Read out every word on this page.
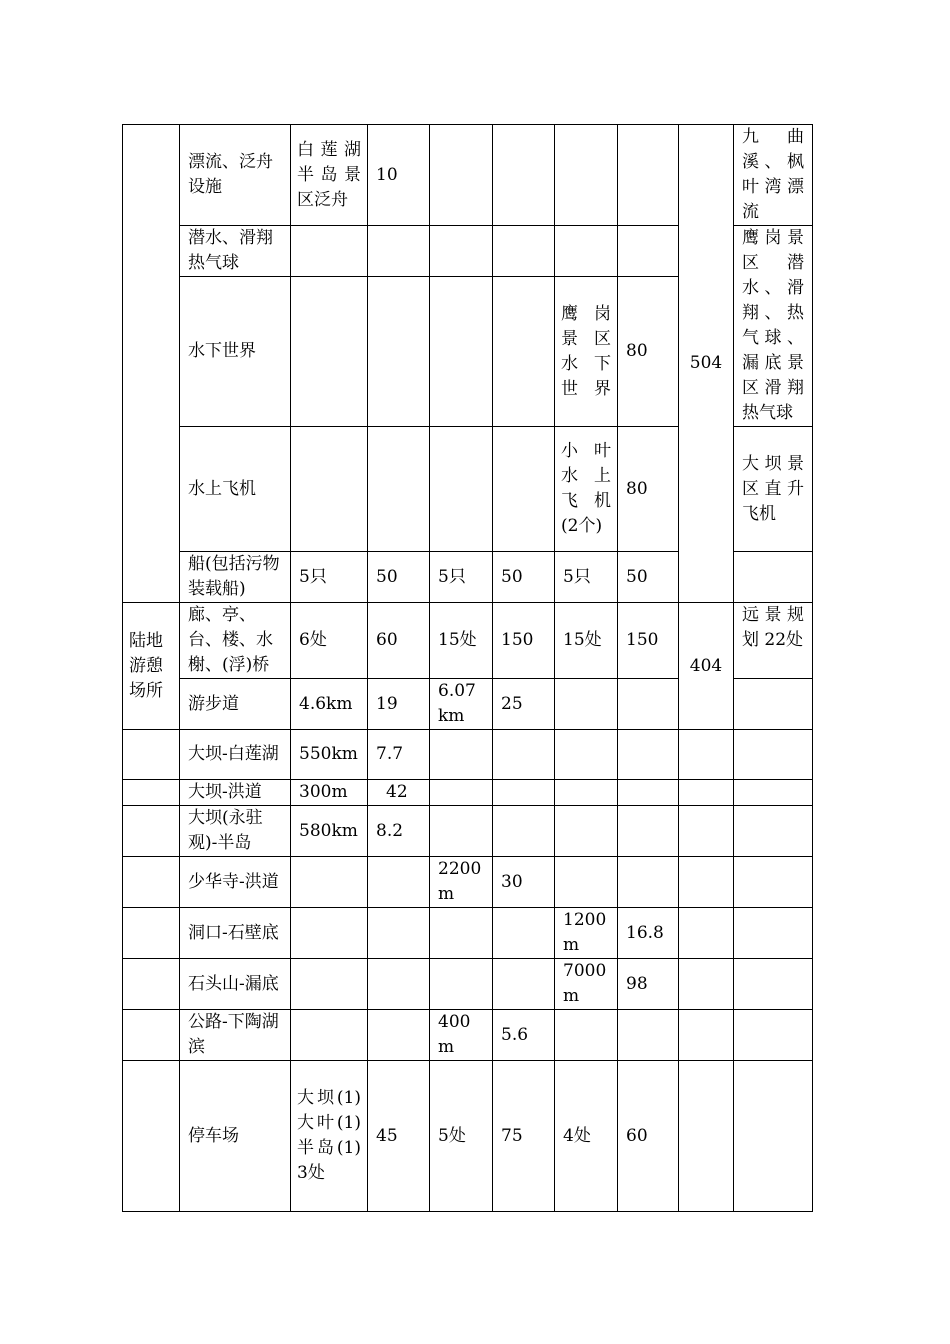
	漂流、泛舟设施	白莲湖半岛景区泛舟	10					504	九　曲溪、枫叶湾漂流
	潜水、滑翔热气球								鹰岗景区潜水、滑翔、热气球、漏底景区滑翔热气球
	水下世界					鹰岗景区水下世界	80		
	水上飞机					小叶水上飞机(2个)	80		大坝景区直升飞机
	船(包括污物装载船)	5只	50	5只	50	5只	50		
陆地游憩场所	廊、亭、台、楼、水榭、(浮)桥	6处	60	15处	150	15处	150	404	远景规划 22处
	游步道	4.6km	19	6.07km	25				
	大坝-白莲湖	550km	7.7						
	大坝-洪道	300m	42						
	大坝(永驻观)-半岛	580km	8.2						
	少华寺-洪道			2200m	30				
	洞口-石壁底					1200m	16.8		
	石头山-漏底					7000m	98		
	公路-下陶湖滨			400m	5.6				
	停车场	大坝(1)大叶(1)半岛(1)3处	45	5处	75	4处	60		
